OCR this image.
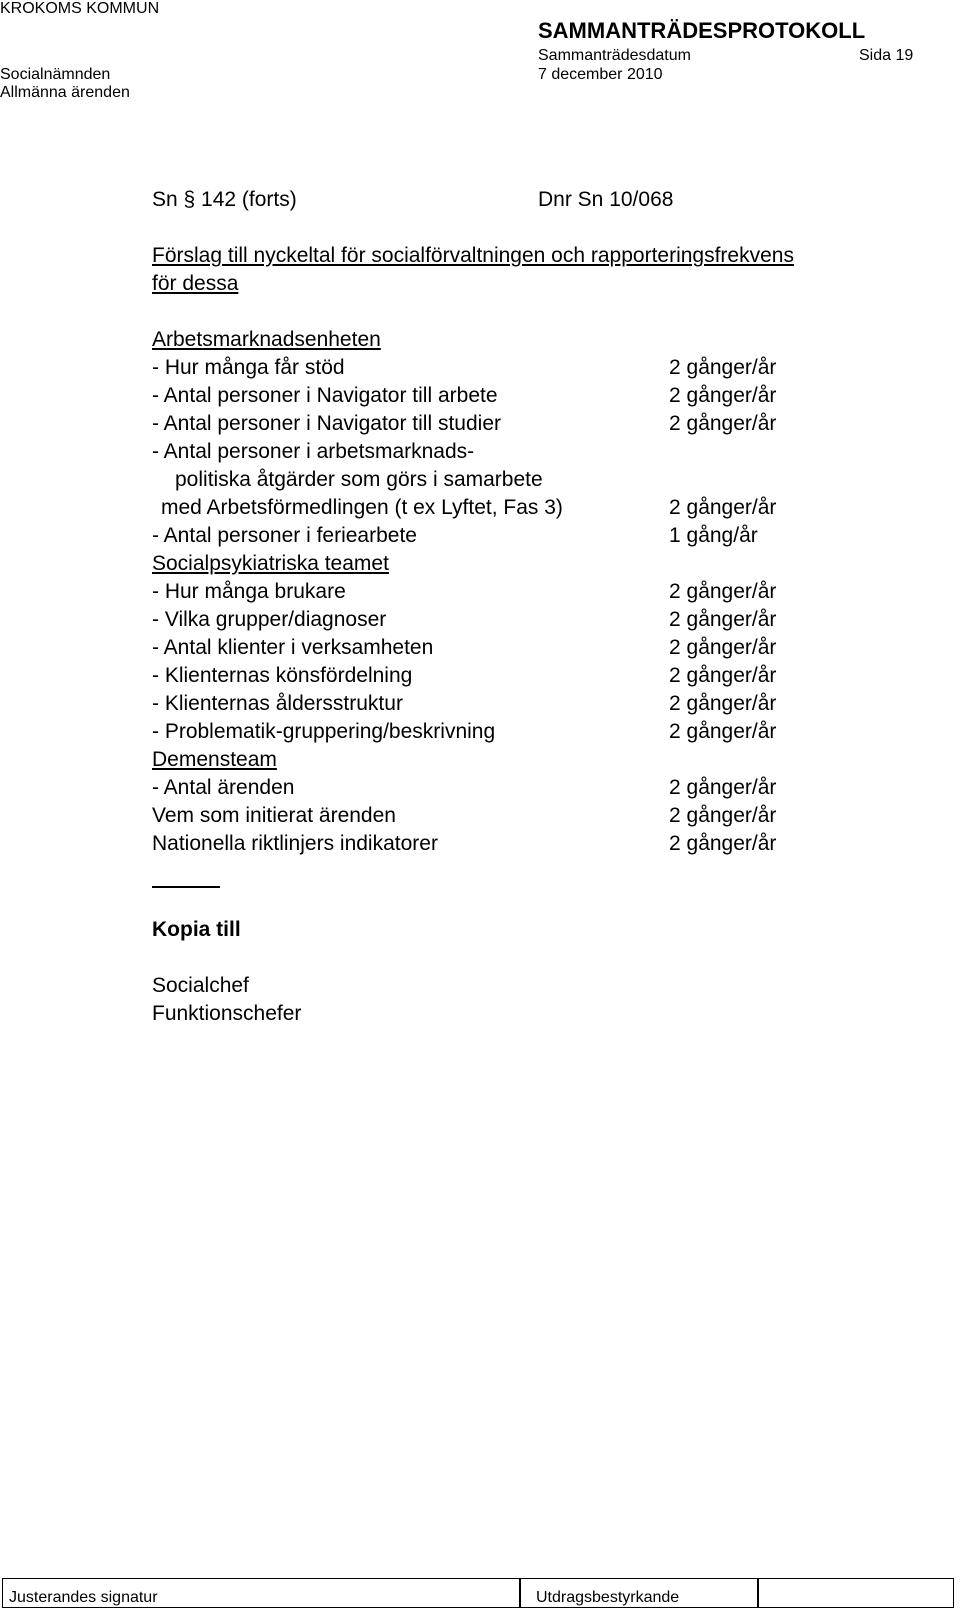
KROKOMS KOMMUN
SAMMANTRÄDESPROTOKOLL
Sammanträdesdatum	Sida 19
Socialnämnden	7 december 2010
Allmänna ärenden
Sn § 142 (forts)	Dnr Sn 10/068
Förslag till nyckeltal för socialförvaltningen och rapporteringsfrekvens
för dessa
Arbetsmarknadsenheten
- Hur många får stöd	2 gånger/år
- Antal personer i Navigator till arbete	2 gånger/år
- Antal personer i Navigator till studier	2 gånger/år
- Antal personer i arbetsmarknads-
politiska åtgärder som görs i samarbete
med Arbetsförmedlingen (t ex Lyftet, Fas 3)	2 gånger/år
- Antal personer i feriearbete	1 gång/år
Socialpsykiatriska teamet
- Hur många brukare	2 gånger/år
- Vilka grupper/diagnoser	2 gånger/år
- Antal klienter i verksamheten	2 gånger/år
- Klienternas könsfördelning	2 gånger/år
- Klienternas åldersstruktur	2 gånger/år
- Problematik-gruppering/beskrivning	2 gånger/år
Demensteam
- Antal ärenden	2 gånger/år
Vem som initierat ärenden	2 gånger/år
Nationella riktlinjers indikatorer	2 gånger/år
Kopia till
Socialchef
Funktionschefer
Justerandes signatur	Utdragsbestyrkande
